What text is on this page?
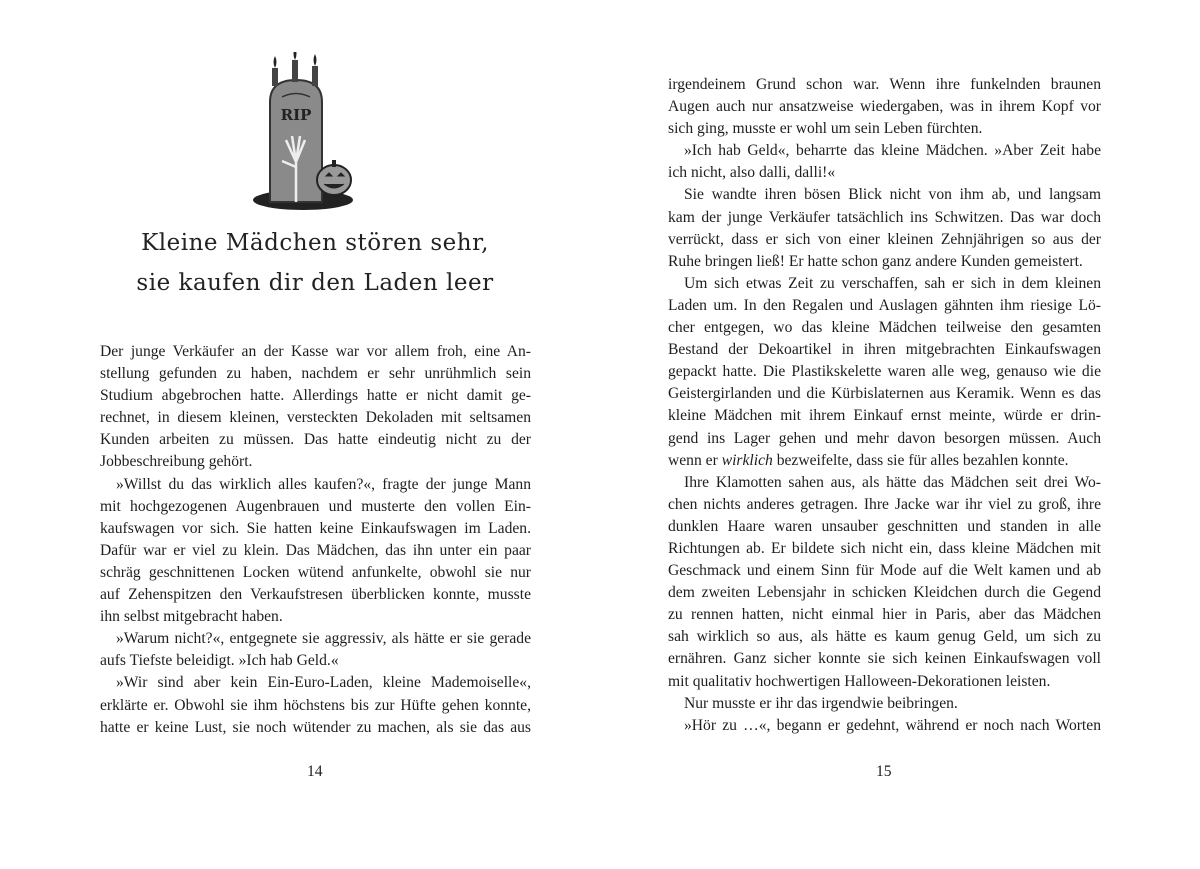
RIP
Kleine Mädchen stören sehr,
sie kaufen dir den Laden leer
Der junge Verkäufer an der Kasse war vor allem froh, eine An-
stellung gefunden zu haben, nachdem er sehr unrühmlich sein
Studium abgebrochen hatte. Allerdings hatte er nicht damit ge-
rechnet, in diesem kleinen, versteckten Dekoladen mit seltsamen
Kunden arbeiten zu müssen. Das hatte eindeutig nicht zu der
Jobbeschreibung gehört.
»Willst du das wirklich alles kaufen?«, fragte der junge Mann
mit hochgezogenen Augenbrauen und musterte den vollen Ein-
kaufswagen vor sich. Sie hatten keine Einkaufswagen im Laden.
Dafür war er viel zu klein. Das Mädchen, das ihn unter ein paar
schräg geschnittenen Locken wütend anfunkelte, obwohl sie nur
auf Zehenspitzen den Verkaufstresen überblicken konnte, musste
ihn selbst mitgebracht haben.
»Warum nicht?«, entgegnete sie aggressiv, als hätte er sie gerade
aufs Tiefste beleidigt. »Ich hab Geld.«
»Wir sind aber kein Ein-Euro-Laden, kleine Mademoiselle«,
erklärte er. Obwohl sie ihm höchstens bis zur Hüfte gehen konnte,
hatte er keine Lust, sie noch wütender zu machen, als sie das aus
14
irgendeinem Grund schon war. Wenn ihre funkelnden braunen
Augen auch nur ansatzweise wiedergaben, was in ihrem Kopf vor
sich ging, musste er wohl um sein Leben fürchten.
»Ich hab Geld«, beharrte das kleine Mädchen. »Aber Zeit habe
ich nicht, also dalli, dalli!«
Sie wandte ihren bösen Blick nicht von ihm ab, und langsam
kam der junge Verkäufer tatsächlich ins Schwitzen. Das war doch
verrückt, dass er sich von einer kleinen Zehnjährigen so aus der
Ruhe bringen ließ! Er hatte schon ganz andere Kunden gemeistert.
Um sich etwas Zeit zu verschaffen, sah er sich in dem kleinen
Laden um. In den Regalen und Auslagen gähnten ihm riesige Lö-
cher entgegen, wo das kleine Mädchen teilweise den gesamten
Bestand der Dekoartikel in ihren mitgebrachten Einkaufswagen
gepackt hatte. Die Plastikskelette waren alle weg, genauso wie die
Geistergirlanden und die Kürbislaternen aus Keramik. Wenn es das
kleine Mädchen mit ihrem Einkauf ernst meinte, würde er drin-
gend ins Lager gehen und mehr davon besorgen müssen. Auch
wenn er wirklich bezweifelte, dass sie für alles bezahlen konnte.
Ihre Klamotten sahen aus, als hätte das Mädchen seit drei Wo-
chen nichts anderes getragen. Ihre Jacke war ihr viel zu groß, ihre
dunklen Haare waren unsauber geschnitten und standen in alle
Richtungen ab. Er bildete sich nicht ein, dass kleine Mädchen mit
Geschmack und einem Sinn für Mode auf die Welt kamen und ab
dem zweiten Lebensjahr in schicken Kleidchen durch die Gegend
zu rennen hatten, nicht einmal hier in Paris, aber das Mädchen
sah wirklich so aus, als hätte es kaum genug Geld, um sich zu
ernähren. Ganz sicher konnte sie sich keinen Einkaufswagen voll
mit qualitativ hochwertigen Halloween-Dekorationen leisten.
Nur musste er ihr das irgendwie beibringen.
»Hör zu …«, begann er gedehnt, während er noch nach Worten
15
